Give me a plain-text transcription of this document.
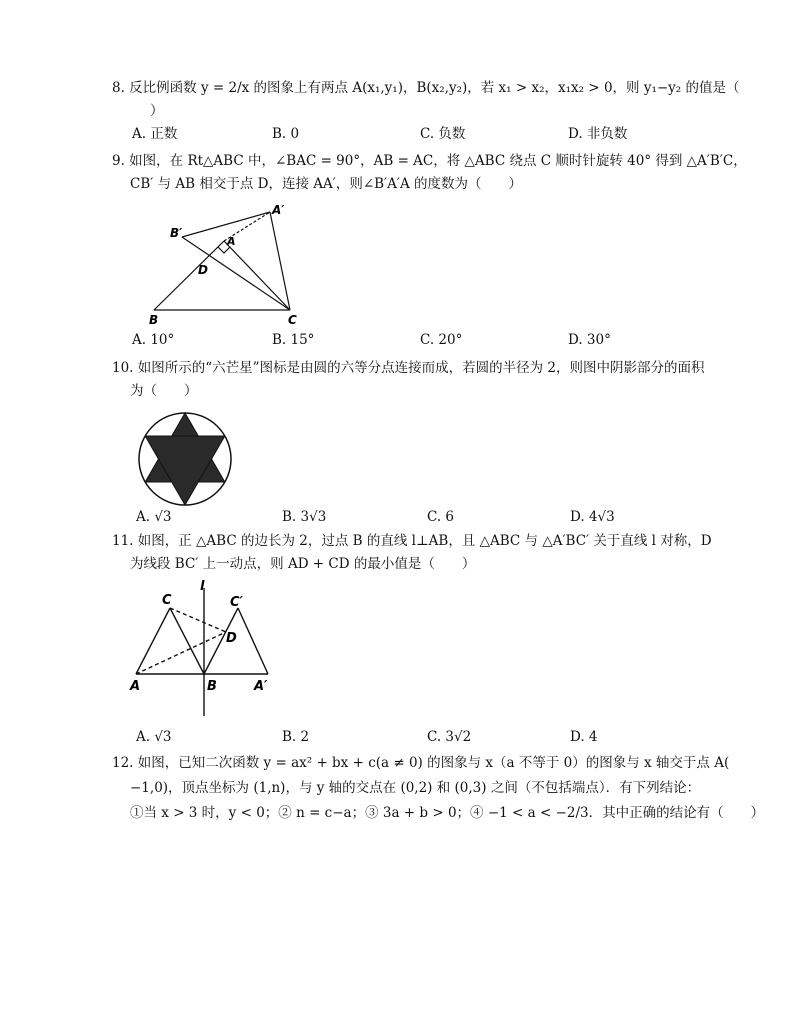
8. 反比例函数 y = 2/x 的图象上有两点 A(x₁,y₁)，B(x₂,y₂)，若 x₁ > x₂，x₁x₂ > 0，则 y₁−y₂ 的值是（
）
A. 正数	B. 0	C. 负数	D. 非负数
9. 如图，在 Rt△ABC 中，∠BAC = 90°，AB = AC，将 △ABC 绕点 C 顺时针旋转 40° 得到 △A′B′C，
CB′ 与 AB 相交于点 D，连接 AA′，则∠B′A′A 的度数为（　　）
A′
B′
A
D
B	C
A. 10°	B. 15°	C. 20°	D. 30°
10. 如图所示的“六芒星”图标是由圆的六等分点连接而成，若圆的半径为 2，则图中阴影部分的面积
为（　　）
A. √3	B. 3√3	C. 6	D. 4√3
11. 如图，正 △ABC 的边长为 2，过点 B 的直线 l⊥AB，且 △ABC 与 △A′BC′ 关于直线 l 对称，D
为线段 BC′ 上一动点，则 AD + CD 的最小值是（　　）
C
l
C′
D
A	B	A′
A. √3	B. 2	C. 3√2	D. 4
12. 如图，已知二次函数 y = ax² + bx + c(a ≠ 0) 的图象与 x（a 不等于 0）的图象与 x 轴交于点 A(
−1,0)，顶点坐标为 (1,n)，与 y 轴的交点在 (0,2) 和 (0,3) 之间（不包括端点）．有下列结论：
①当 x > 3 时，y < 0；② n = c−a；③ 3a + b > 0；④ −1 < a < −2/3．其中正确的结论有（　　）
